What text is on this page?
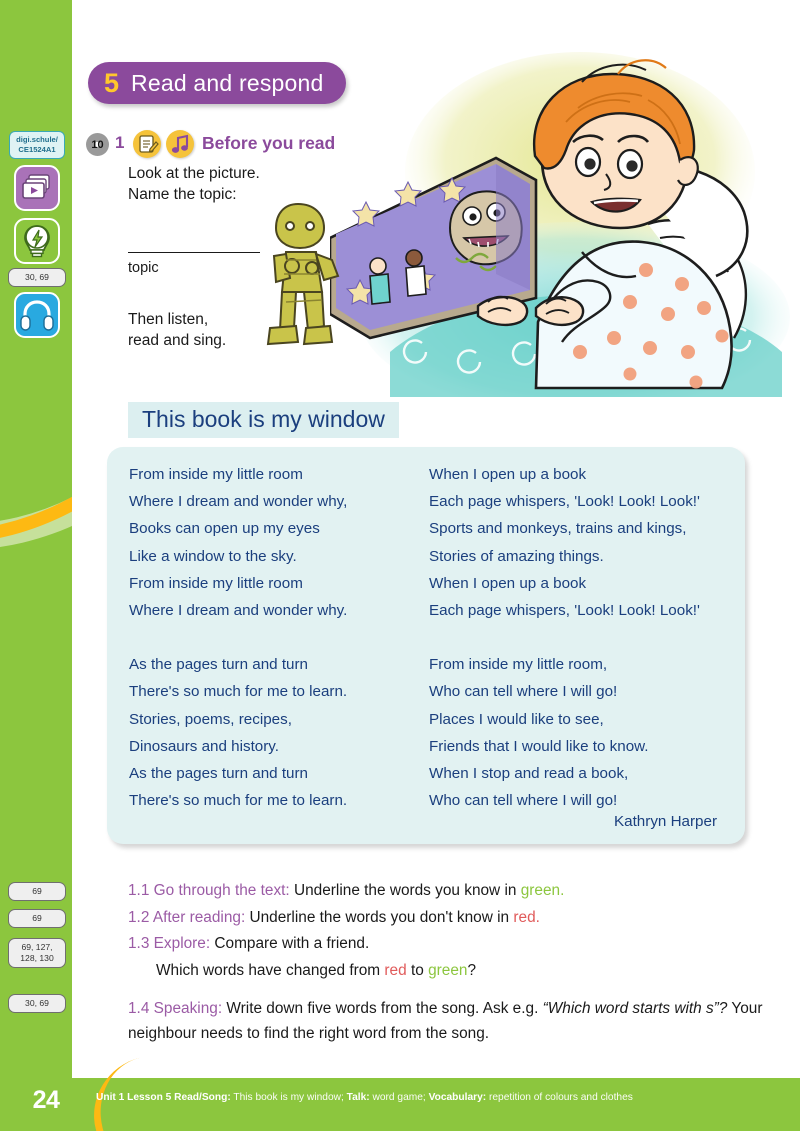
5 Read and respond
10 1	Before you read
Look at the picture.
Name the topic:
topic
Then listen,
read and sing.
This book is my window
From inside my little room
Where I dream and wonder why,
Books can open up my eyes
Like a window to the sky.
From inside my little room
Where I dream and wonder why.
As the pages turn and turn
There's so much for me to learn.
Stories, poems, recipes,
Dinosaurs and history.
As the pages turn and turn
There's so much for me to learn.
When I open up a book
Each page whispers, 'Look! Look! Look!'
Sports and monkeys, trains and kings,
Stories of amazing things.
When I open up a book
Each page whispers, 'Look! Look! Look!'
From inside my little room,
Who can tell where I will go!
Places I would like to see,
Friends that I would like to know.
When I stop and read a book,
Who can tell where I will go!
Kathryn Harper
1.1 Go through the text: Underline the words you know in green.
1.2 After reading: Underline the words you don't know in red.
1.3 Explore: Compare with a friend.
Which words have changed from red to green?
1.4 Speaking: Write down five words from the song. Ask e.g. “Which word starts with s”? Your neighbour needs to find the right word from the song.
digi.schule/
CE1524A1
30, 69
69
69
69, 127,
128, 130
30, 69
24	Unit 1 Lesson 5 Read/Song: This book is my window; Talk: word game; Vocabulary: repetition of colours and clothes
